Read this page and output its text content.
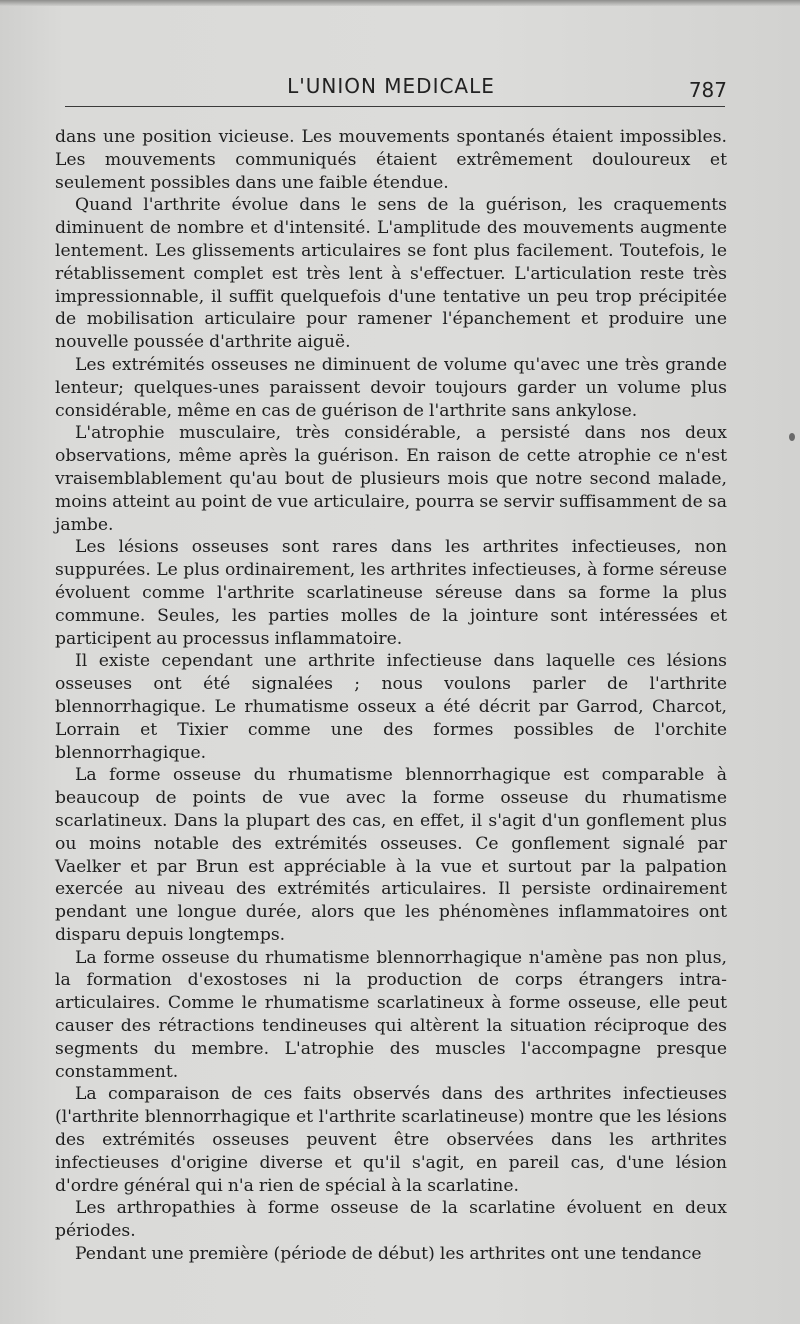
L'UNION MEDICALE	787

dans une position vicieuse. Les mouvements spontanés étaient impossibles. Les mouvements communiqués étaient extrêmement douloureux et seulement possibles dans une faible étendue.

Quand l'arthrite évolue dans le sens de la guérison, les craquements diminuent de nombre et d'intensité. L'amplitude des mouvements augmente lentement. Les glissements articulaires se font plus facilement. Toutefois, le rétablissement complet est très lent à s'effectuer. L'articulation reste très impressionnable, il suffit quelquefois d'une tentative un peu trop précipitée de mobilisation articulaire pour ramener l'épanchement et produire une nouvelle poussée d'arthrite aiguë.

Les extrémités osseuses ne diminuent de volume qu'avec une très grande lenteur; quelques-unes paraissent devoir toujours garder un volume plus considérable, même en cas de guérison de l'arthrite sans ankylose.

L'atrophie musculaire, très considérable, a persisté dans nos deux observations, même après la guérison. En raison de cette atrophie ce n'est vraisemblablement qu'au bout de plusieurs mois que notre second malade, moins atteint au point de vue articulaire, pourra se servir suffisamment de sa jambe.

Les lésions osseuses sont rares dans les arthrites infectieuses, non suppurées. Le plus ordinairement, les arthrites infectieuses, à forme séreuse évoluent comme l'arthrite scarlatineuse séreuse dans sa forme la plus commune. Seules, les parties molles de la jointure sont intéressées et participent au processus inflammatoire.

Il existe cependant une arthrite infectieuse dans laquelle ces lésions osseuses ont été signalées ; nous voulons parler de l'arthrite blennorrhagique. Le rhumatisme osseux a été décrit par Garrod, Charcot, Lorrain et Tixier comme une des formes possibles de l'orchite blennorrhagique.

La forme osseuse du rhumatisme blennorrhagique est comparable à beaucoup de points de vue avec la forme osseuse du rhumatisme scarlatineux. Dans la plupart des cas, en effet, il s'agit d'un gonflement plus ou moins notable des extrémités osseuses. Ce gonflement signalé par Vaelker et par Brun est appréciable à la vue et surtout par la palpation exercée au niveau des extrémités articulaires. Il persiste ordinairement pendant une longue durée, alors que les phénomènes inflammatoires ont disparu depuis longtemps.

La forme osseuse du rhumatisme blennorrhagique n'amène pas non plus, la formation d'exostoses ni la production de corps étrangers intra-articulaires. Comme le rhumatisme scarlatineux à forme osseuse, elle peut causer des rétractions tendineuses qui altèrent la situation réciproque des segments du membre. L'atrophie des muscles l'accompagne presque constamment.

La comparaison de ces faits observés dans des arthrites infectieuses (l'arthrite blennorrhagique et l'arthrite scarlatineuse) montre que les lésions des extrémités osseuses peuvent être observées dans les arthrites infectieuses d'origine diverse et qu'il s'agit, en pareil cas, d'une lésion d'ordre général qui n'a rien de spécial à la scarlatine.

Les arthropathies à forme osseuse de la scarlatine évoluent en deux périodes.

Pendant une première (période de début) les arthrites ont une tendance
